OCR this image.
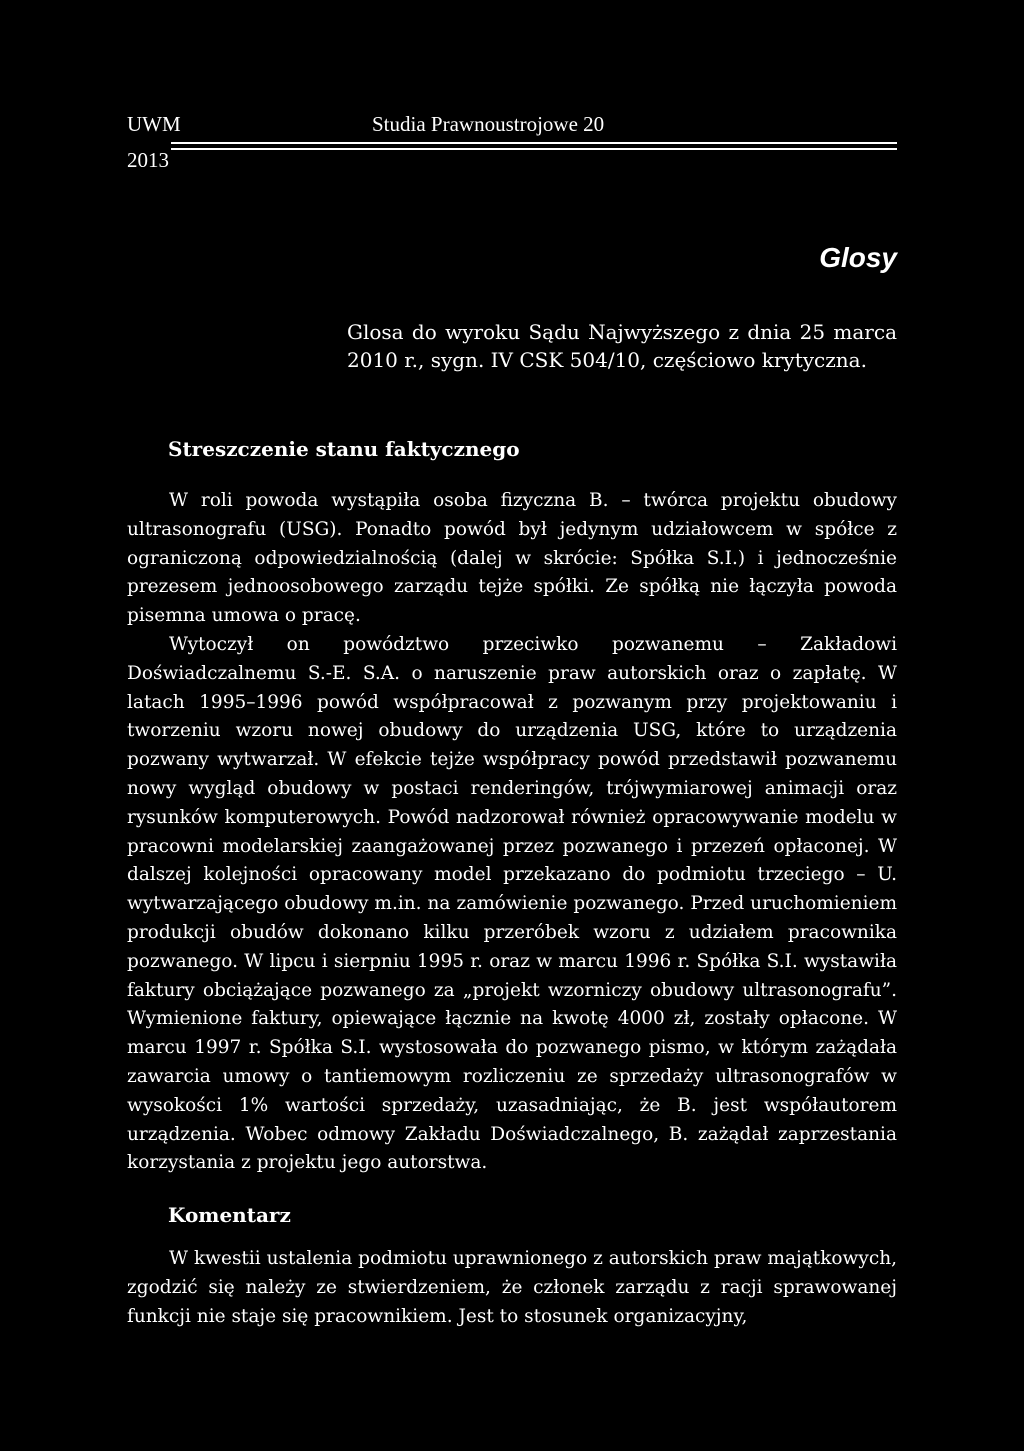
UWM	Studia Prawnoustrojowe 20
2013
Glosy
Glosa do wyroku Sądu Najwyższego z dnia 25 marca 2010 r., sygn. IV CSK 504/10, częściowo krytyczna.
Streszczenie stanu faktycznego

W roli powoda wystąpiła osoba fizyczna B. – twórca projektu obudowy ultrasonografu (USG). Ponadto powód był jedynym udziałowcem w spółce z ograniczoną odpowiedzialnością (dalej w skrócie: Spółka S.I.) i jednocześnie prezesem jednoosobowego zarządu tejże spółki. Ze spółką nie łączyła powoda pisemna umowa o pracę.

Wytoczył on powództwo przeciwko pozwanemu – Zakładowi Doświadczalnemu S.-E. S.A. o naruszenie praw autorskich oraz o zapłatę. W latach 1995–1996 powód współpracował z pozwanym przy projektowaniu i tworzeniu wzoru nowej obudowy do urządzenia USG, które to urządzenia pozwany wytwarzał. W efekcie tejże współpracy powód przedstawił pozwanemu nowy wygląd obudowy w postaci renderingów, trójwymiarowej animacji oraz rysunków komputerowych. Powód nadzorował również opracowywanie modelu w pracowni modelarskiej zaangażowanej przez pozwanego i przezeń opłaconej. W dalszej kolejności opracowany model przekazano do podmiotu trzeciego – U. wytwarzającego obudowy m.in. na zamówienie pozwanego. Przed uruchomieniem produkcji obudów dokonano kilku przeróbek wzoru z udziałem pracownika pozwanego. W lipcu i sierpniu 1995 r. oraz w marcu 1996 r. Spółka S.I. wystawiła faktury obciążające pozwanego za „projekt wzorniczy obudowy ultrasonografu”. Wymienione faktury, opiewające łącznie na kwotę 4000 zł, zostały opłacone. W marcu 1997 r. Spółka S.I. wystosowała do pozwanego pismo, w którym zażądała zawarcia umowy o tantiemowym rozliczeniu ze sprzedaży ultrasonografów w wysokości 1% wartości sprzedaży, uzasadniając, że B. jest współautorem urządzenia. Wobec odmowy Zakładu Doświadczalnego, B. zażądał zaprzestania korzystania z projektu jego autorstwa.

Komentarz

W kwestii ustalenia podmiotu uprawnionego z autorskich praw majątkowych, zgodzić się należy ze stwierdzeniem, że członek zarządu z racji sprawowanej funkcji nie staje się pracownikiem. Jest to stosunek organizacyjny,
